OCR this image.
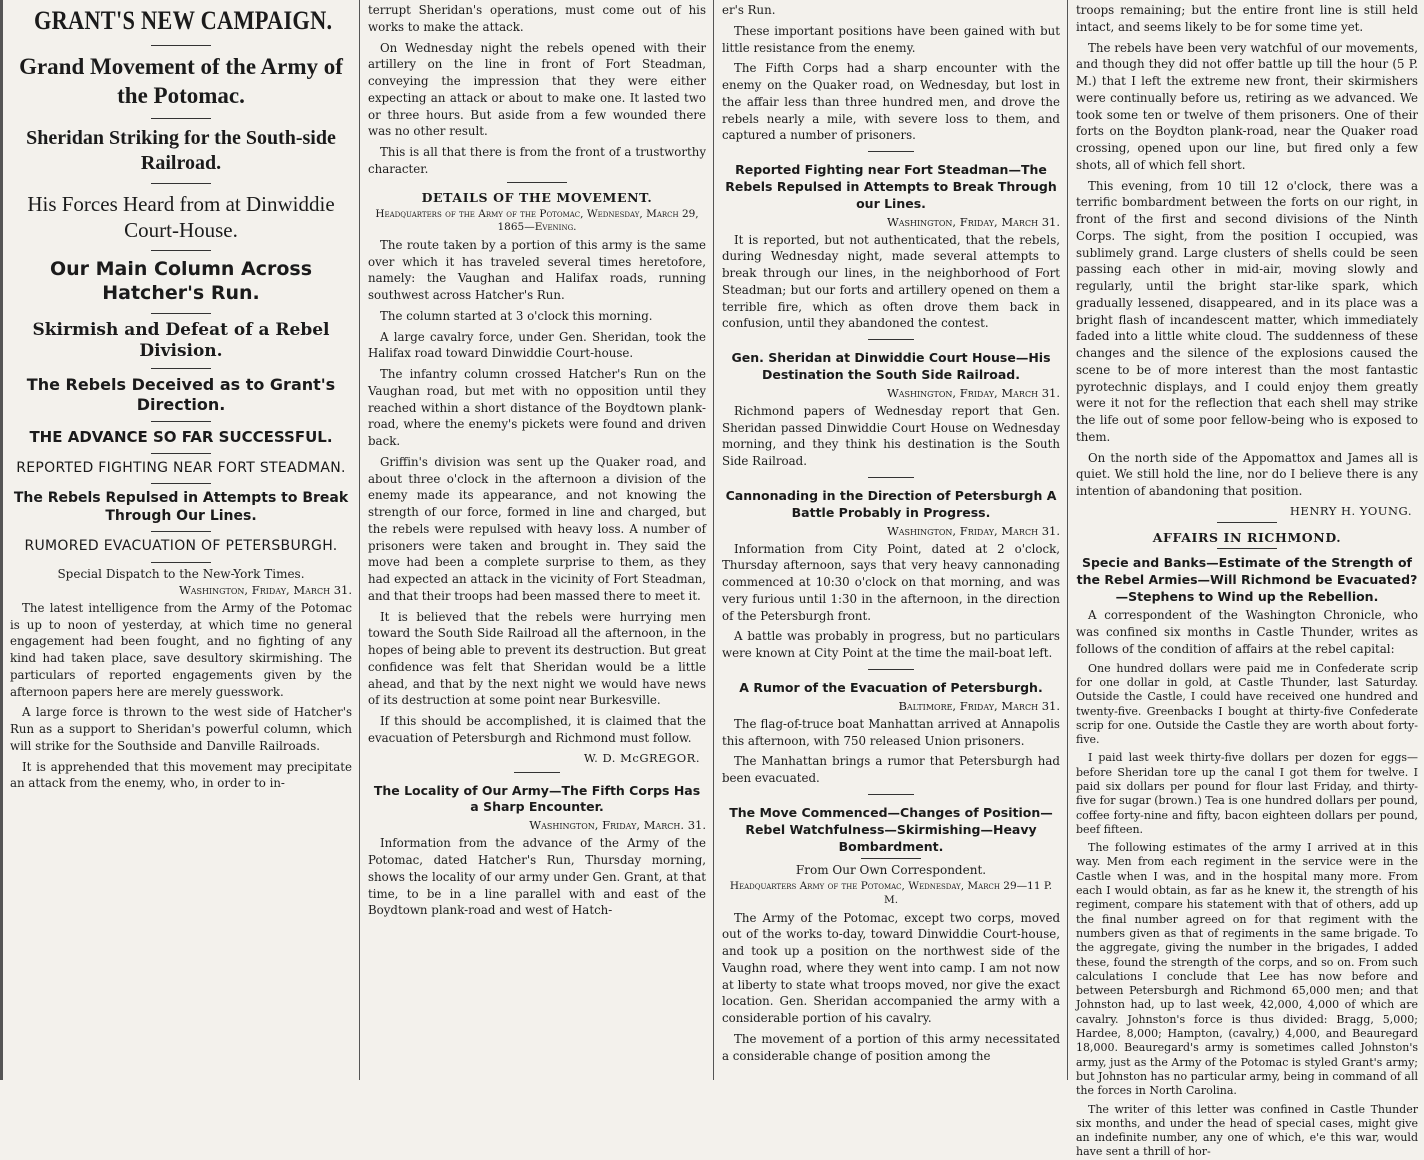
GRANT'S NEW CAMPAIGN.
Grand Movement of the Army of the Potomac.
Sheridan Striking for the South-side Railroad.
His Forces Heard from at Dinwiddie Court-House.
Our Main Column Across Hatcher's Run.
Skirmish and Defeat of a Rebel Division.
The Rebels Deceived as to Grant's Direction.
THE ADVANCE SO FAR SUCCESSFUL.
REPORTED FIGHTING NEAR FORT STEADMAN.
The Rebels Repulsed in Attempts to Break Through Our Lines.
RUMORED EVACUATION OF PETERSBURGH.
Special Dispatch to the New-York Times.
Washington, Friday, March 31.

The latest intelligence from the Army of the Potomac is up to noon of yesterday, at which time no general engagement had been fought, and no fighting of any kind had taken place, save desultory skirmishing. The particulars of reported engagements given by the afternoon papers here are merely guesswork.

A large force is thrown to the west side of Hatcher's Run as a support to Sheridan's powerful column, which will strike for the Southside and Danville Railroads.

It is apprehended that this movement may precipitate an attack from the enemy, who, in order to in-

terrupt Sheridan's operations, must come out of his works to make the attack.

On Wednesday night the rebels opened with their artillery on the line in front of Fort Steadman, conveying the impression that they were either expecting an attack or about to make one. It lasted two or three hours. But aside from a few wounded there was no other result.

This is all that there is from the front of a trustworthy character.

DETAILS OF THE MOVEMENT.
Headquarters of the Army of the Potomac, Wednesday, March 29, 1865—Evening.

The route taken by a portion of this army is the same over which it has traveled several times heretofore, namely: the Vaughan and Halifax roads, running southwest across Hatcher's Run.

The column started at 3 o'clock this morning.

A large cavalry force, under Gen. Sheridan, took the Halifax road toward Dinwiddie Court-house.

The infantry column crossed Hatcher's Run on the Vaughan road, but met with no opposition until they reached within a short distance of the Boydtown plank-road, where the enemy's pickets were found and driven back.

Griffin's division was sent up the Quaker road, and about three o'clock in the afternoon a division of the enemy made its appearance, and not knowing the strength of our force, formed in line and charged, but the rebels were repulsed with heavy loss. A number of prisoners were taken and brought in. They said the move had been a complete surprise to them, as they had expected an attack in the vicinity of Fort Steadman, and that their troops had been massed there to meet it.

It is believed that the rebels were hurrying men toward the South Side Railroad all the afternoon, in the hopes of being able to prevent its destruction. But great confidence was felt that Sheridan would be a little ahead, and that by the next night we would have news of its destruction at some point near Burkesville.

If this should be accomplished, it is claimed that the evacuation of Petersburgh and Richmond must follow.

W. D. McGREGOR.
The Locality of Our Army—The Fifth Corps Has a Sharp Encounter.
Washington, Friday, March. 31.

Information from the advance of the Army of the Potomac, dated Hatcher's Run, Thursday morning, shows the locality of our army under Gen. Grant, at that time, to be in a line parallel with and east of the Boydtown plank-road and west of Hatch-

er's Run.

These important positions have been gained with but little resistance from the enemy.

The Fifth Corps had a sharp encounter with the enemy on the Quaker road, on Wednesday, but lost in the affair less than three hundred men, and drove the rebels nearly a mile, with severe loss to them, and captured a number of prisoners.

Reported Fighting near Fort Steadman—The Rebels Repulsed in Attempts to Break Through our Lines.
Washington, Friday, March 31.

It is reported, but not authenticated, that the rebels, during Wednesday night, made several attempts to break through our lines, in the neighborhood of Fort Steadman; but our forts and artillery opened on them a terrible fire, which as often drove them back in confusion, until they abandoned the contest.

Gen. Sheridan at Dinwiddie Court House—His Destination the South Side Railroad.
Washington, Friday, March 31.

Richmond papers of Wednesday report that Gen. Sheridan passed Dinwiddie Court House on Wednesday morning, and they think his destination is the South Side Railroad.

Cannonading in the Direction of Petersburgh A Battle Probably in Progress.
Washington, Friday, March 31.

Information from City Point, dated at 2 o'clock, Thursday afternoon, says that very heavy cannonading commenced at 10:30 o'clock on that morning, and was very furious until 1:30 in the afternoon, in the direction of the Petersburgh front.

A battle was probably in progress, but no particulars were known at City Point at the time the mail-boat left.

A Rumor of the Evacuation of Petersburgh.
Baltimore, Friday, March 31.

The flag-of-truce boat Manhattan arrived at Annapolis this afternoon, with 750 released Union prisoners.

The Manhattan brings a rumor that Petersburgh had been evacuated.

The Move Commenced—Changes of Position—Rebel Watchfulness—Skirmishing—Heavy Bombardment.
From Our Own Correspondent.
Headquarters Army of the Potomac, Wednesday, March 29—11 P. M.

The Army of the Potomac, except two corps, moved out of the works to-day, toward Dinwiddie Court-house, and took up a position on the northwest side of the Vaughn road, where they went into camp. I am not now at liberty to state what troops moved, nor give the exact location. Gen. Sheridan accompanied the army with a considerable portion of his cavalry.

The movement of a portion of this army necessitated a considerable change of position among the

troops remaining; but the entire front line is still held intact, and seems likely to be for some time yet.

The rebels have been very watchful of our movements, and though they did not offer battle up till the hour (5 P. M.) that I left the extreme new front, their skirmishers were continually before us, retiring as we advanced. We took some ten or twelve of them prisoners. One of their forts on the Boydton plank-road, near the Quaker road crossing, opened upon our line, but fired only a few shots, all of which fell short.

This evening, from 10 till 12 o'clock, there was a terrific bombardment between the forts on our right, in front of the first and second divisions of the Ninth Corps. The sight, from the position I occupied, was sublimely grand. Large clusters of shells could be seen passing each other in mid-air, moving slowly and regularly, until the bright star-like spark, which gradually lessened, disappeared, and in its place was a bright flash of incandescent matter, which immediately faded into a little white cloud. The suddenness of these changes and the silence of the explosions caused the scene to be of more interest than the most fantastic pyrotechnic displays, and I could enjoy them greatly were it not for the reflection that each shell may strike the life out of some poor fellow-being who is exposed to them.

On the north side of the Appomattox and James all is quiet. We still hold the line, nor do I believe there is any intention of abandoning that position.

HENRY H. YOUNG.
AFFAIRS IN RICHMOND.
Specie and Banks—Estimate of the Strength of the Rebel Armies—Will Richmond be Evacuated?—Stephens to Wind up the Rebellion.

A correspondent of the Washington Chronicle, who was confined six months in Castle Thunder, writes as follows of the condition of affairs at the rebel capital:

One hundred dollars were paid me in Confederate scrip for one dollar in gold, at Castle Thunder, last Saturday. Outside the Castle, I could have received one hundred and twenty-five. Greenbacks I bought at thirty-five Confederate scrip for one. Outside the Castle they are worth about forty-five.

I paid last week thirty-five dollars per dozen for eggs—before Sheridan tore up the canal I got them for twelve. I paid six dollars per pound for flour last Friday, and thirty-five for sugar (brown.) Tea is one hundred dollars per pound, coffee forty-nine and fifty, bacon eighteen dollars per pound, beef fifteen.

The following estimates of the army I arrived at in this way. Men from each regiment in the service were in the Castle when I was, and in the hospital many more. From each I would obtain, as far as he knew it, the strength of his regiment, compare his statement with that of others, add up the final number agreed on for that regiment with the numbers given as that of regiments in the same brigade. To the aggregate, giving the number in the brigades, I added these, found the strength of the corps, and so on. From such calculations I conclude that Lee has now before and between Petersburgh and Richmond 65,000 men; and that Johnston had, up to last week, 42,000, 4,000 of which are cavalry. Johnston's force is thus divided: Bragg, 5,000; Hardee, 8,000; Hampton, (cavalry,) 4,000, and Beauregard 18,000. Beauregard's army is sometimes called Johnston's army, just as the Army of the Potomac is styled Grant's army; but Johnston has no particular army, being in command of all the forces in North Carolina.

The writer of this letter was confined in Castle Thunder six months, and under the head of special cases, might give an indefinite number, any one of which, e'e this war, would have sent a thrill of hor-
